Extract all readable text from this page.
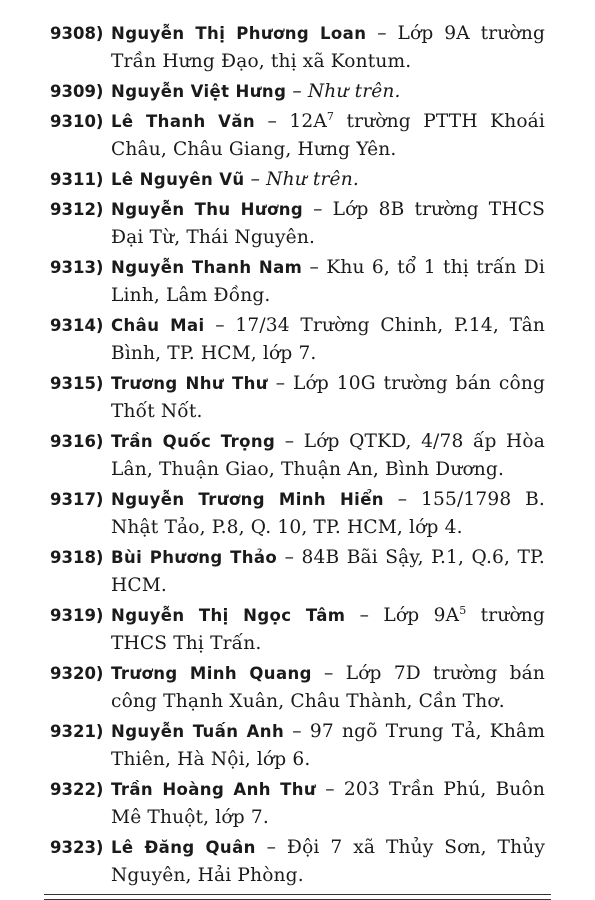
9308) Nguyễn Thị Phương Loan – Lớp 9A trường Trần Hưng Đạo, thị xã Kontum.
9309) Nguyễn Việt Hưng – Như trên.
9310) Lê Thanh Văn – $12A^7$ trường PTTH Khoái Châu, Châu Giang, Hưng Yên.
9311) Lê Nguyên Vũ – Như trên.
9312) Nguyễn Thu Hương – Lớp 8B trường THCS Đại Từ, Thái Nguyên.
9313) Nguyễn Thanh Nam – Khu 6, tổ 1 thị trấn Di Linh, Lâm Đồng.
9314) Châu Mai – 17/34 Trường Chinh, P.14, Tân Bình, TP. HCM, lớp 7.
9315) Trương Như Thư – Lớp 10G trường bán công Thốt Nốt.
9316) Trần Quốc Trọng – Lớp QTKD, 4/78 ấp Hòa Lân, Thuận Giao, Thuận An, Bình Dương.
9317) Nguyễn Trương Minh Hiển – 155/1798 B. Nhật Tảo, P.8, Q. 10, TP. HCM, lớp 4.
9318) Bùi Phương Thảo – 84B Bãi Sậy, P.1, Q.6, TP. HCM.
9319) Nguyễn Thị Ngọc Tâm – Lớp $9A^5$ trường THCS Thị Trấn.
9320) Trương Minh Quang – Lớp 7D trường bán công Thạnh Xuân, Châu Thành, Cần Thơ.
9321) Nguyễn Tuấn Anh – 97 ngõ Trung Tả, Khâm Thiên, Hà Nội, lớp 6.
9322) Trần Hoàng Anh Thư – 203 Trần Phú, Buôn Mê Thuột, lớp 7.
9323) Lê Đăng Quân – Đội 7 xã Thủy Sơn, Thủy Nguyên, Hải Phòng.
